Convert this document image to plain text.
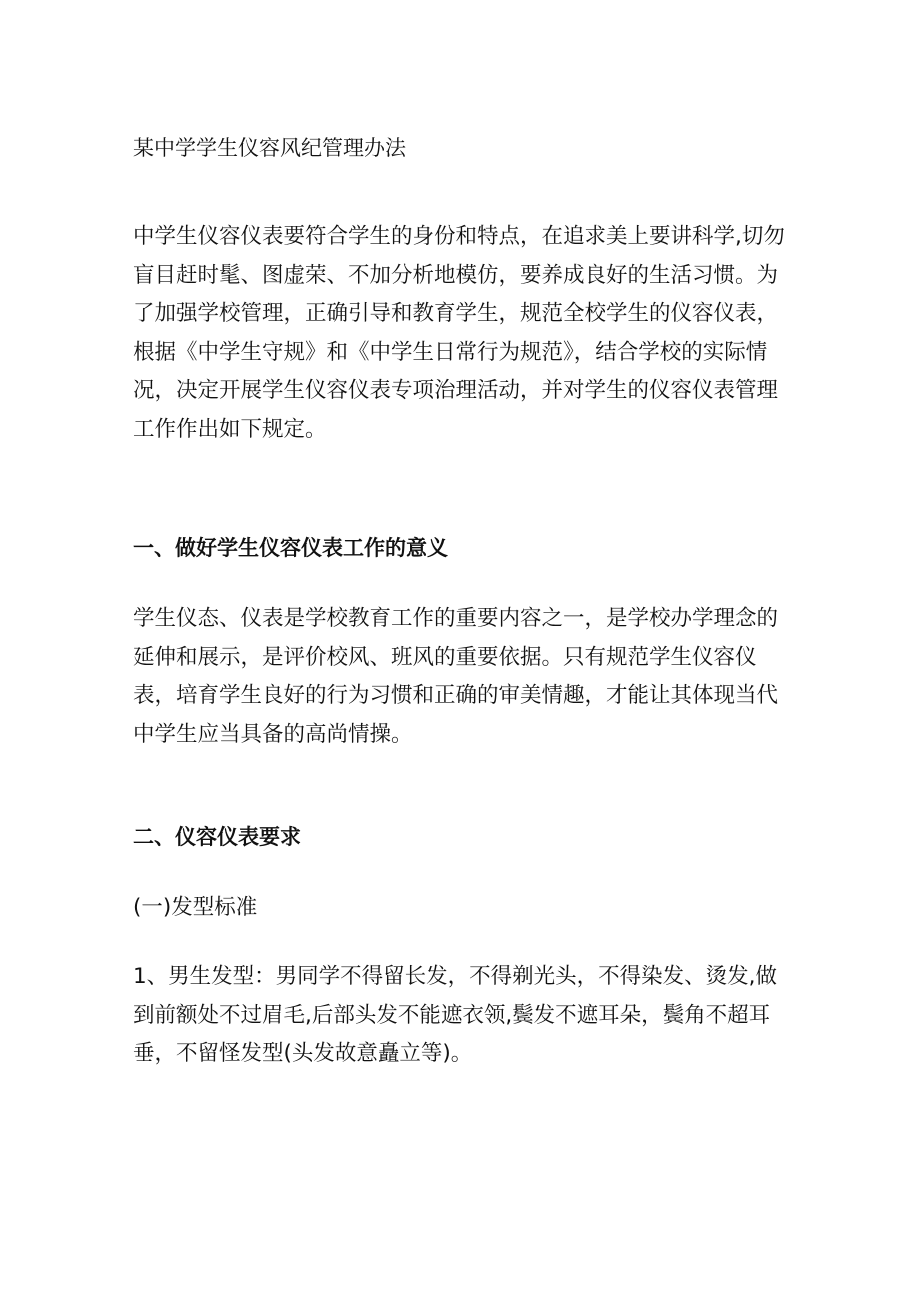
某中学学生仪容风纪管理办法
中学生仪容仪表要符合学生的身份和特点，在追求美上要讲科学,切勿
盲目赶时髦、图虚荣、不加分析地模仿，要养成良好的生活习惯。为
了加强学校管理，正确引导和教育学生，规范全校学生的仪容仪表，
根据《中学生守规》和《中学生日常行为规范》，结合学校的实际情
况，决定开展学生仪容仪表专项治理活动，并对学生的仪容仪表管理
工作作出如下规定。
一、做好学生仪容仪表工作的意义
学生仪态、仪表是学校教育工作的重要内容之一，是学校办学理念的
延伸和展示，是评价校风、班风的重要依据。只有规范学生仪容仪
表，培育学生良好的行为习惯和正确的审美情趣，才能让其体现当代
中学生应当具备的高尚情操。
二、仪容仪表要求
(一)发型标准
1、男生发型：男同学不得留长发，不得剃光头，不得染发、烫发,做
到前额处不过眉毛,后部头发不能遮衣领,鬓发不遮耳朵，鬓角不超耳
垂，不留怪发型(头发故意矗立等)。
